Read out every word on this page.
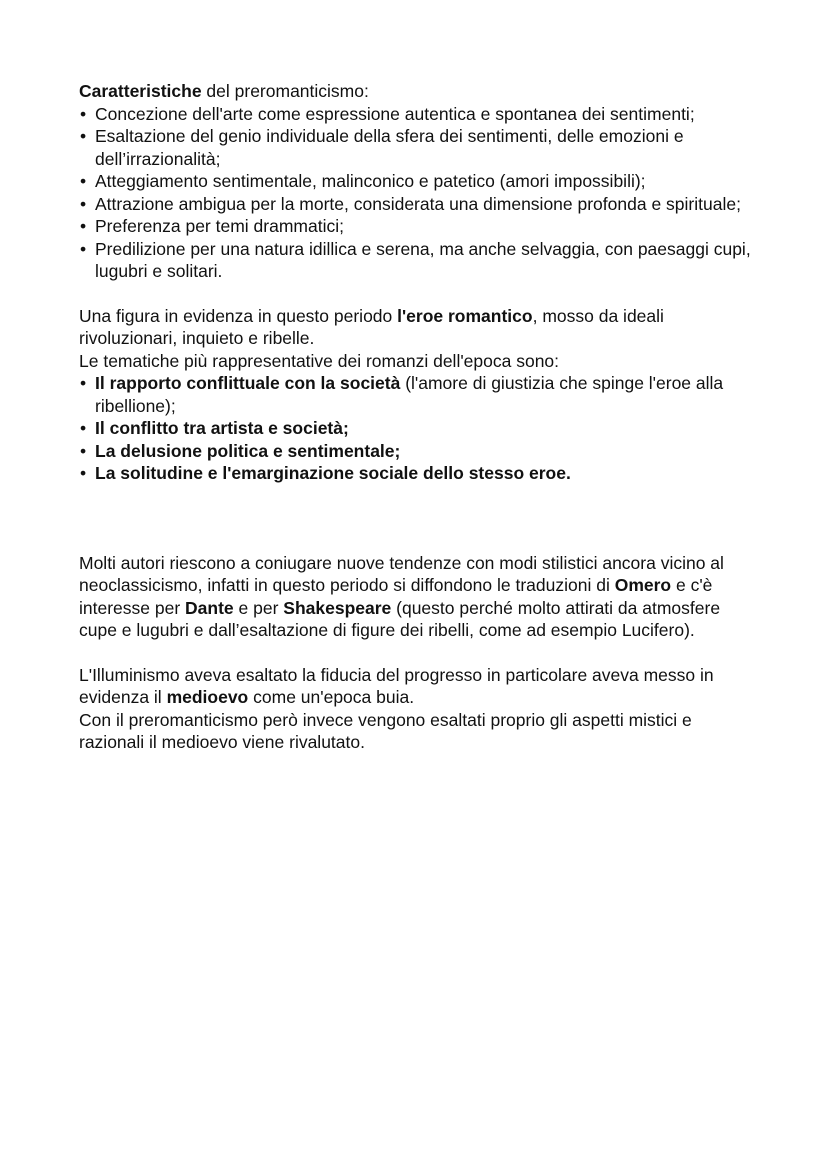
Caratteristiche del preromanticismo:

• Concezione dell'arte come espressione autentica e spontanea dei sentimenti;
• Esaltazione del genio individuale della sfera dei sentimenti, delle emozioni e dell’irrazionalità;
• Atteggiamento sentimentale, malinconico e patetico (amori impossibili);
• Attrazione ambigua per la morte, considerata una dimensione profonda e spirituale;
• Preferenza per temi drammatici;
• Predilizione per una natura idillica e serena, ma anche selvaggia, con paesaggi cupi, lugubri e solitari.

Una figura in evidenza in questo periodo l'eroe romantico, mosso da ideali rivoluzionari, inquieto e ribelle.

Le tematiche più rappresentative dei romanzi dell'epoca sono:

• Il rapporto conflittuale con la società (l'amore di giustizia che spinge l'eroe alla ribellione);
• Il conflitto tra artista e società;
• La delusione politica e sentimentale;
• La solitudine e l'emarginazione sociale dello stesso eroe.

Molti autori riescono a coniugare nuove tendenze con modi stilistici ancora vicino al neoclassicismo, infatti in questo periodo si diffondono le traduzioni di Omero e c'è interesse per Dante e per Shakespeare (questo perché molto attirati da atmosfere cupe e lugubri e dall’esaltazione di figure dei ribelli, come ad esempio Lucifero).

L'Illuminismo aveva esaltato la fiducia del progresso in particolare aveva messo in evidenza il medioevo come un'epoca buia.

Con il preromanticismo però invece vengono esaltati proprio gli aspetti mistici e razionali il medioevo viene rivalutato.
